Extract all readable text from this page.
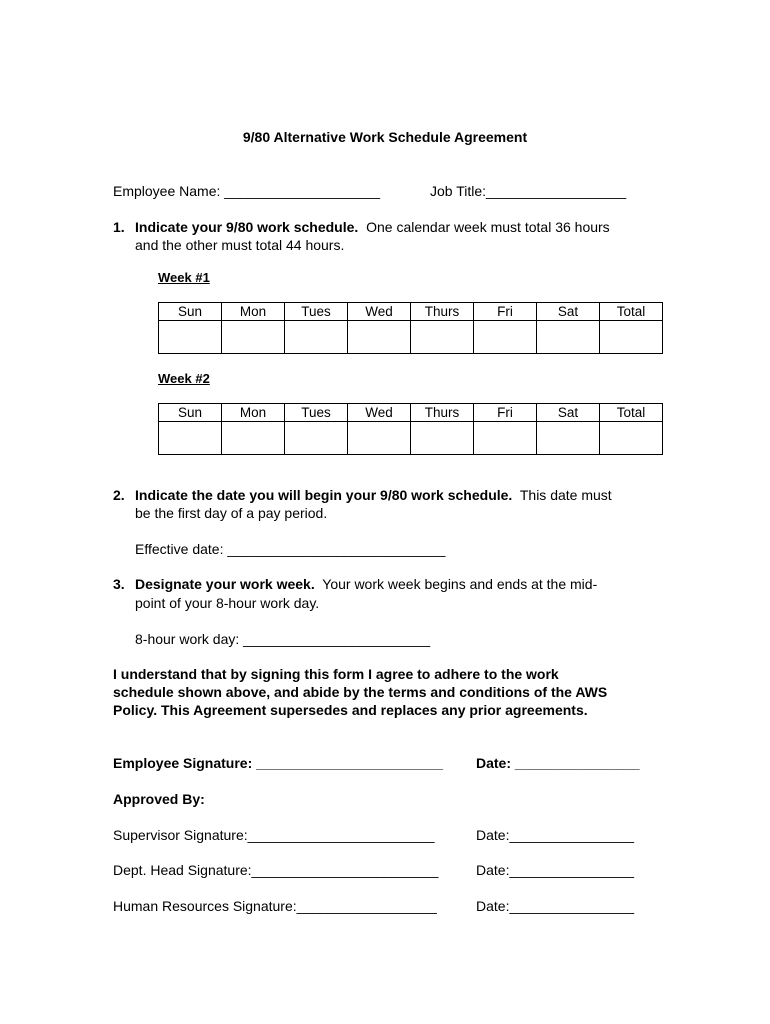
9/80 Alternative Work Schedule Agreement
Employee Name: ____________________	Job Title:__________________
1. Indicate your 9/80 work schedule. One calendar week must total 36 hours
and the other must total 44 hours.
Week #1
Sun	Mon	Tues	Wed	Thurs	Fri	Sat	Total

Week #2
Sun	Mon	Tues	Wed	Thurs	Fri	Sat	Total

2. Indicate the date you will begin your 9/80 work schedule. This date must
be the first day of a pay period.
Effective date: ____________________________
3. Designate your work week. Your work week begins and ends at the mid-
point of your 8-hour work day.
8-hour work day: ________________________
I understand that by signing this form I agree to adhere to the work
schedule shown above, and abide by the terms and conditions of the AWS
Policy. This Agreement supersedes and replaces any prior agreements.
Employee Signature: ________________________ Date: ________________
Approved By:
Supervisor Signature:________________________	Date:________________
Dept. Head Signature:________________________	Date:________________
Human Resources Signature:__________________	Date:________________
